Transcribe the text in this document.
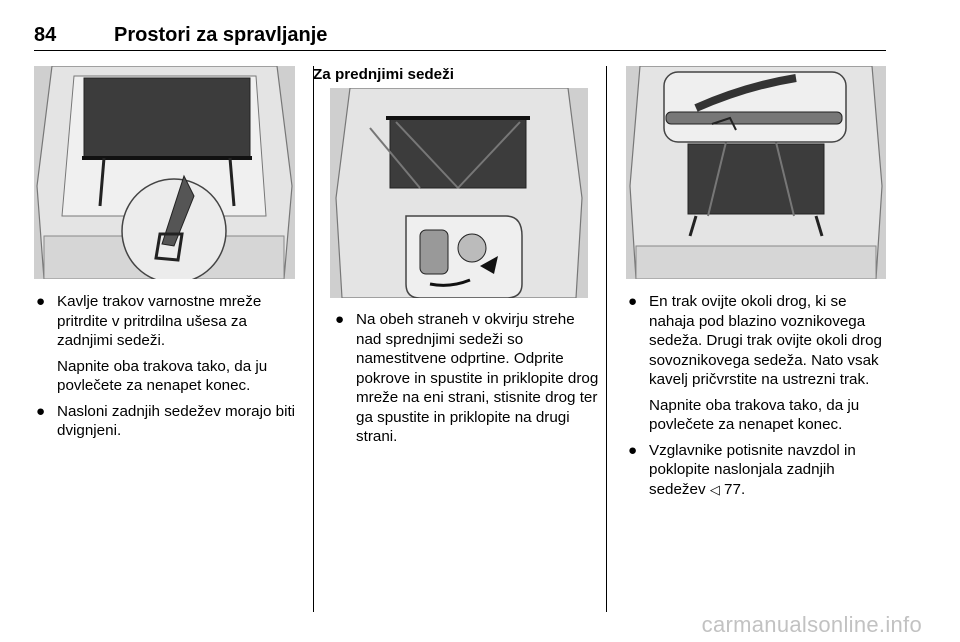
84	Prostori za spravljanje
Za prednjimi sedeži
● Kavlje trakov varnostne mreže pritrdite v pritrdilna ušesa za zadnjimi sedeži.

Napnite oba trakova tako, da ju povlečete za nenapet konec.

● Nasloni zadnjih sedežev morajo biti dvignjeni.
● Na obeh straneh v okvirju strehe nad sprednjimi sedeži so namestitvene odprtine. Odprite pokrove in spustite in priklopite drog mreže na eni strani, stisnite drog ter ga spustite in priklopite na drugi strani.
● En trak ovijte okoli drog, ki se nahaja pod blazino voznikovega sedeža. Drugi trak ovijte okoli drog sovoznikovega sedeža. Nato vsak kavelj pričvrstite na ustrezni trak.

Napnite oba trakova tako, da ju povlečete za nenapet konec.

● Vzglavnike potisnite navzdol in poklopite naslonjala zadnjih sedežev ◁ 77.
carmanualsonline.info
